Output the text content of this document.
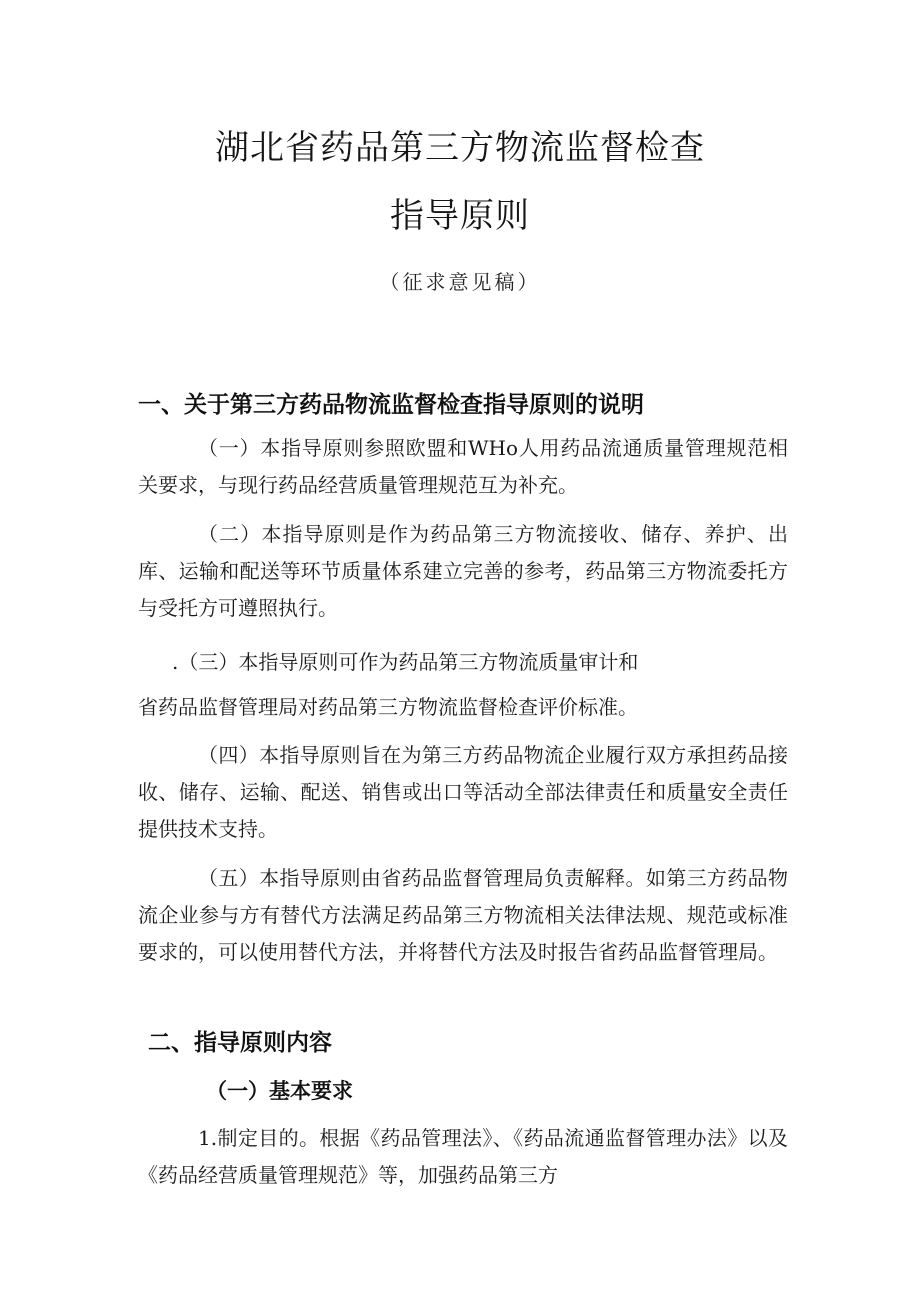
湖北省药品第三方物流监督检查
指导原则
（征求意见稿）
一、关于第三方药品物流监督检查指导原则的说明
（一）本指导原则参照欧盟和WHo人用药品流通质量管理规范相关要求，与现行药品经营质量管理规范互为补充。
（二）本指导原则是作为药品第三方物流接收、储存、养护、出库、运输和配送等环节质量体系建立完善的参考，药品第三方物流委托方与受托方可遵照执行。
.（三）本指导原则可作为药品第三方物流质量审计和
省药品监督管理局对药品第三方物流监督检查评价标准。
（四）本指导原则旨在为第三方药品物流企业履行双方承担药品接收、储存、运输、配送、销售或出口等活动全部法律责任和质量安全责任提供技术支持。
（五）本指导原则由省药品监督管理局负责解释。如第三方药品物流企业参与方有替代方法满足药品第三方物流相关法律法规、规范或标准要求的，可以使用替代方法，并将替代方法及时报告省药品监督管理局。
二、指导原则内容
（一）基本要求
1.制定目的。根据《药品管理法》、《药品流通监督管理办法》以及《药品经营质量管理规范》等，加强药品第三方
